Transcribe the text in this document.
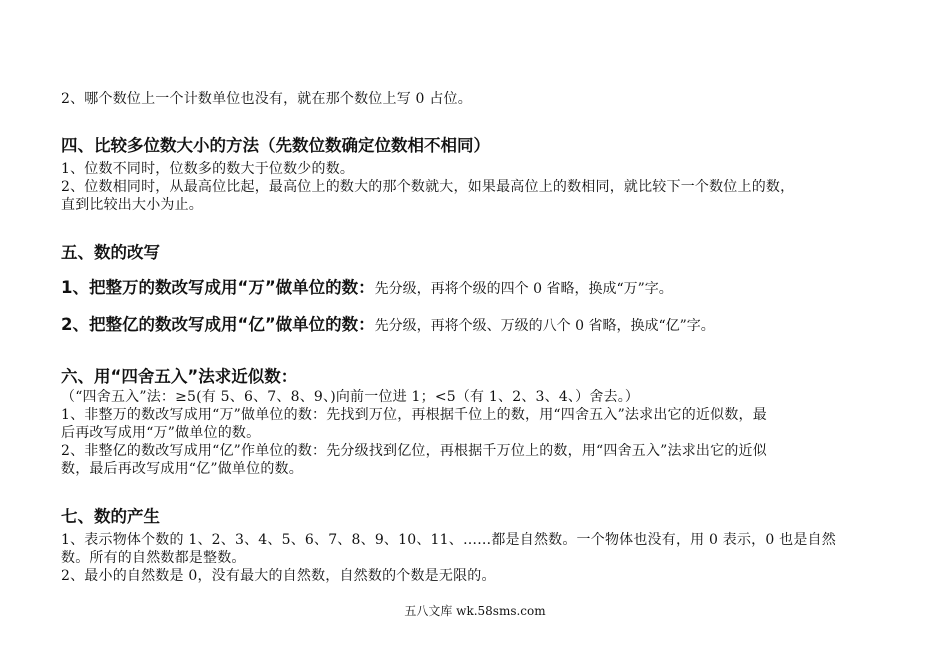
2、哪个数位上一个计数单位也没有，就在那个数位上写 0 占位。
四、比较多位数大小的方法（先数位数确定位数相不相同）
1、位数不同时，位数多的数大于位数少的数。
2、位数相同时，从最高位比起，最高位上的数大的那个数就大，如果最高位上的数相同，就比较下一个数位上的数，
直到比较出大小为止。
五、数的改写
1、把整万的数改写成用“万”做单位的数：先分级，再将个级的四个 0 省略，换成“万”字。
2、把整亿的数改写成用“亿”做单位的数：先分级，再将个级、万级的八个 0 省略，换成“亿”字。
六、用“四舍五入”法求近似数：
（“四舍五入”法：≥5(有 5、6、7、8、9、)向前一位进 1；<5（有 1、2、3、4、）舍去。）
1、非整万的数改写成用“万”做单位的数：先找到万位，再根据千位上的数，用“四舍五入”法求出它的近似数，最
后再改写成用“万”做单位的数。
2、非整亿的数改写成用“亿”作单位的数：先分级找到亿位，再根据千万位上的数，用“四舍五入”法求出它的近似
数，最后再改写成用“亿”做单位的数。
七、数的产生
1、表示物体个数的 1、2、3、4、5、6、7、8、9、10、11、……都是自然数。一个物体也没有，用 0 表示，0 也是自然
数。所有的自然数都是整数。
2、最小的自然数是 0，没有最大的自然数，自然数的个数是无限的。
五八文库 wk.58sms.com
